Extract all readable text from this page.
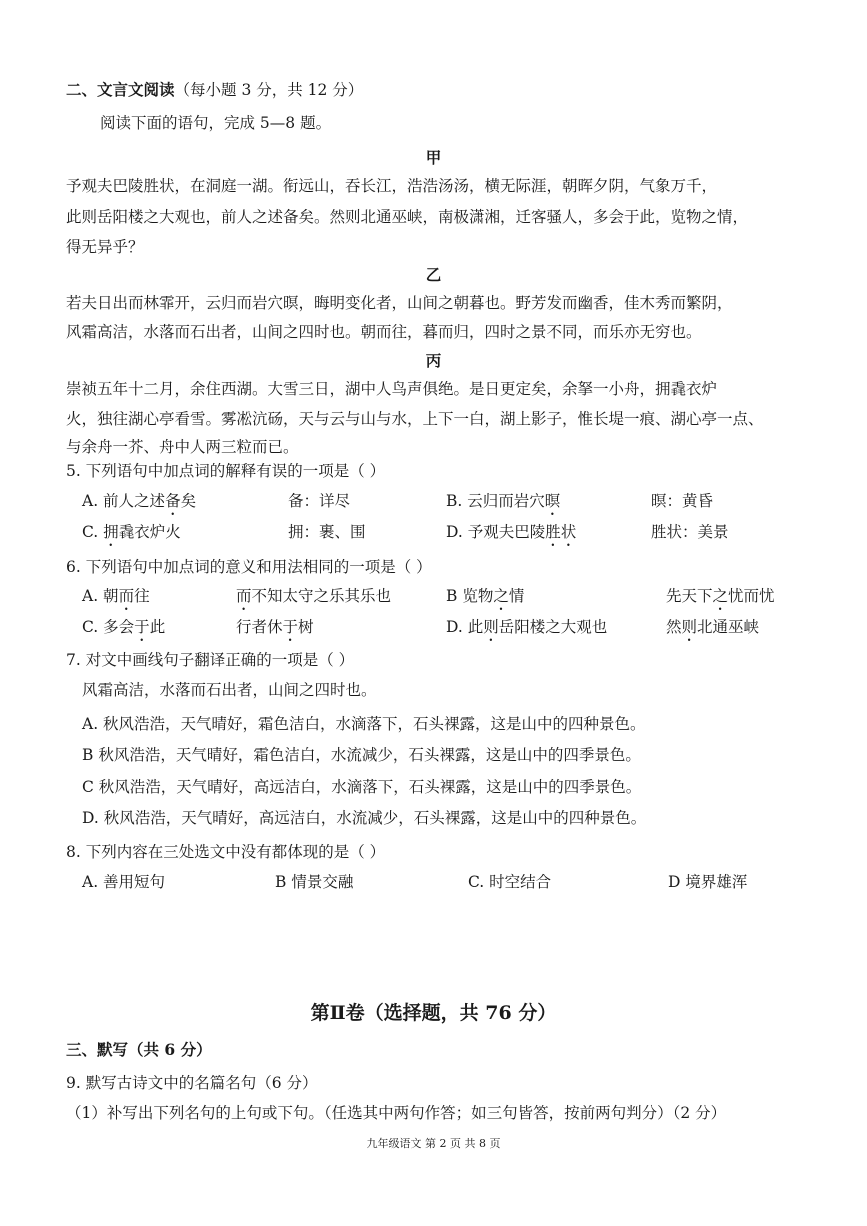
二、文言文阅读（每小题 3 分，共 12 分）
阅读下面的语句，完成 5—8 题。
甲
予观夫巴陵胜状，在洞庭一湖。衔远山，吞长江，浩浩汤汤，横无际涯，朝晖夕阴，气象万千，
此则岳阳楼之大观也，前人之述备矣。然则北通巫峡，南极潇湘，迁客骚人，多会于此，览物之情，
得无异乎？
乙
若夫日出而林霏开，云归而岩穴暝，晦明变化者，山间之朝暮也。野芳发而幽香，佳木秀而繁阴，
风霜高洁，水落而石出者，山间之四时也。朝而往，暮而归，四时之景不同，而乐亦无穷也。
丙
崇祯五年十二月，余住西湖。大雪三日，湖中人鸟声俱绝。是日更定矣，余拏一小舟，拥毳衣炉
火，独往湖心亭看雪。雾凇沆砀，天与云与山与水，上下一白，湖上影子，惟长堤一痕、湖心亭一点、
与余舟一芥、舟中人两三粒而已。
5. 下列语句中加点词的解释有误的一项是（ ）
A. 前人之述备矣	备：详尽	B. 云归而岩穴暝	暝：黄昏
C. 拥毳衣炉火	拥：裹、围	D. 予观夫巴陵胜状	胜状：美景
6. 下列语句中加点词的意义和用法相同的一项是（ ）
A. 朝而往	而不知太守之乐其乐也	B 览物之情	先天下之忧而忧
C. 多会于此	行者休于树	D. 此则岳阳楼之大观也	然则北通巫峡
7. 对文中画线句子翻译正确的一项是（ ）
风霜高洁，水落而石出者，山间之四时也。
A. 秋风浩浩，天气晴好，霜色洁白，水滴落下，石头裸露，这是山中的四种景色。
B 秋风浩浩，天气晴好，霜色洁白，水流减少，石头裸露，这是山中的四季景色。
C 秋风浩浩，天气晴好，高远洁白，水滴落下，石头裸露，这是山中的四季景色。
D. 秋风浩浩，天气晴好，高远洁白，水流减少，石头裸露，这是山中的四种景色。
8. 下列内容在三处选文中没有都体现的是（ ）
A. 善用短句	B 情景交融	C. 时空结合	D 境界雄浑
第Ⅱ卷（选择题，共 76 分）
三、默写（共 6 分）
9. 默写古诗文中的名篇名句（6 分）
（1）补写出下列名句的上句或下句。（任选其中两句作答；如三句皆答，按前两句判分）（2 分）
九年级语文 第 2 页 共 8 页
